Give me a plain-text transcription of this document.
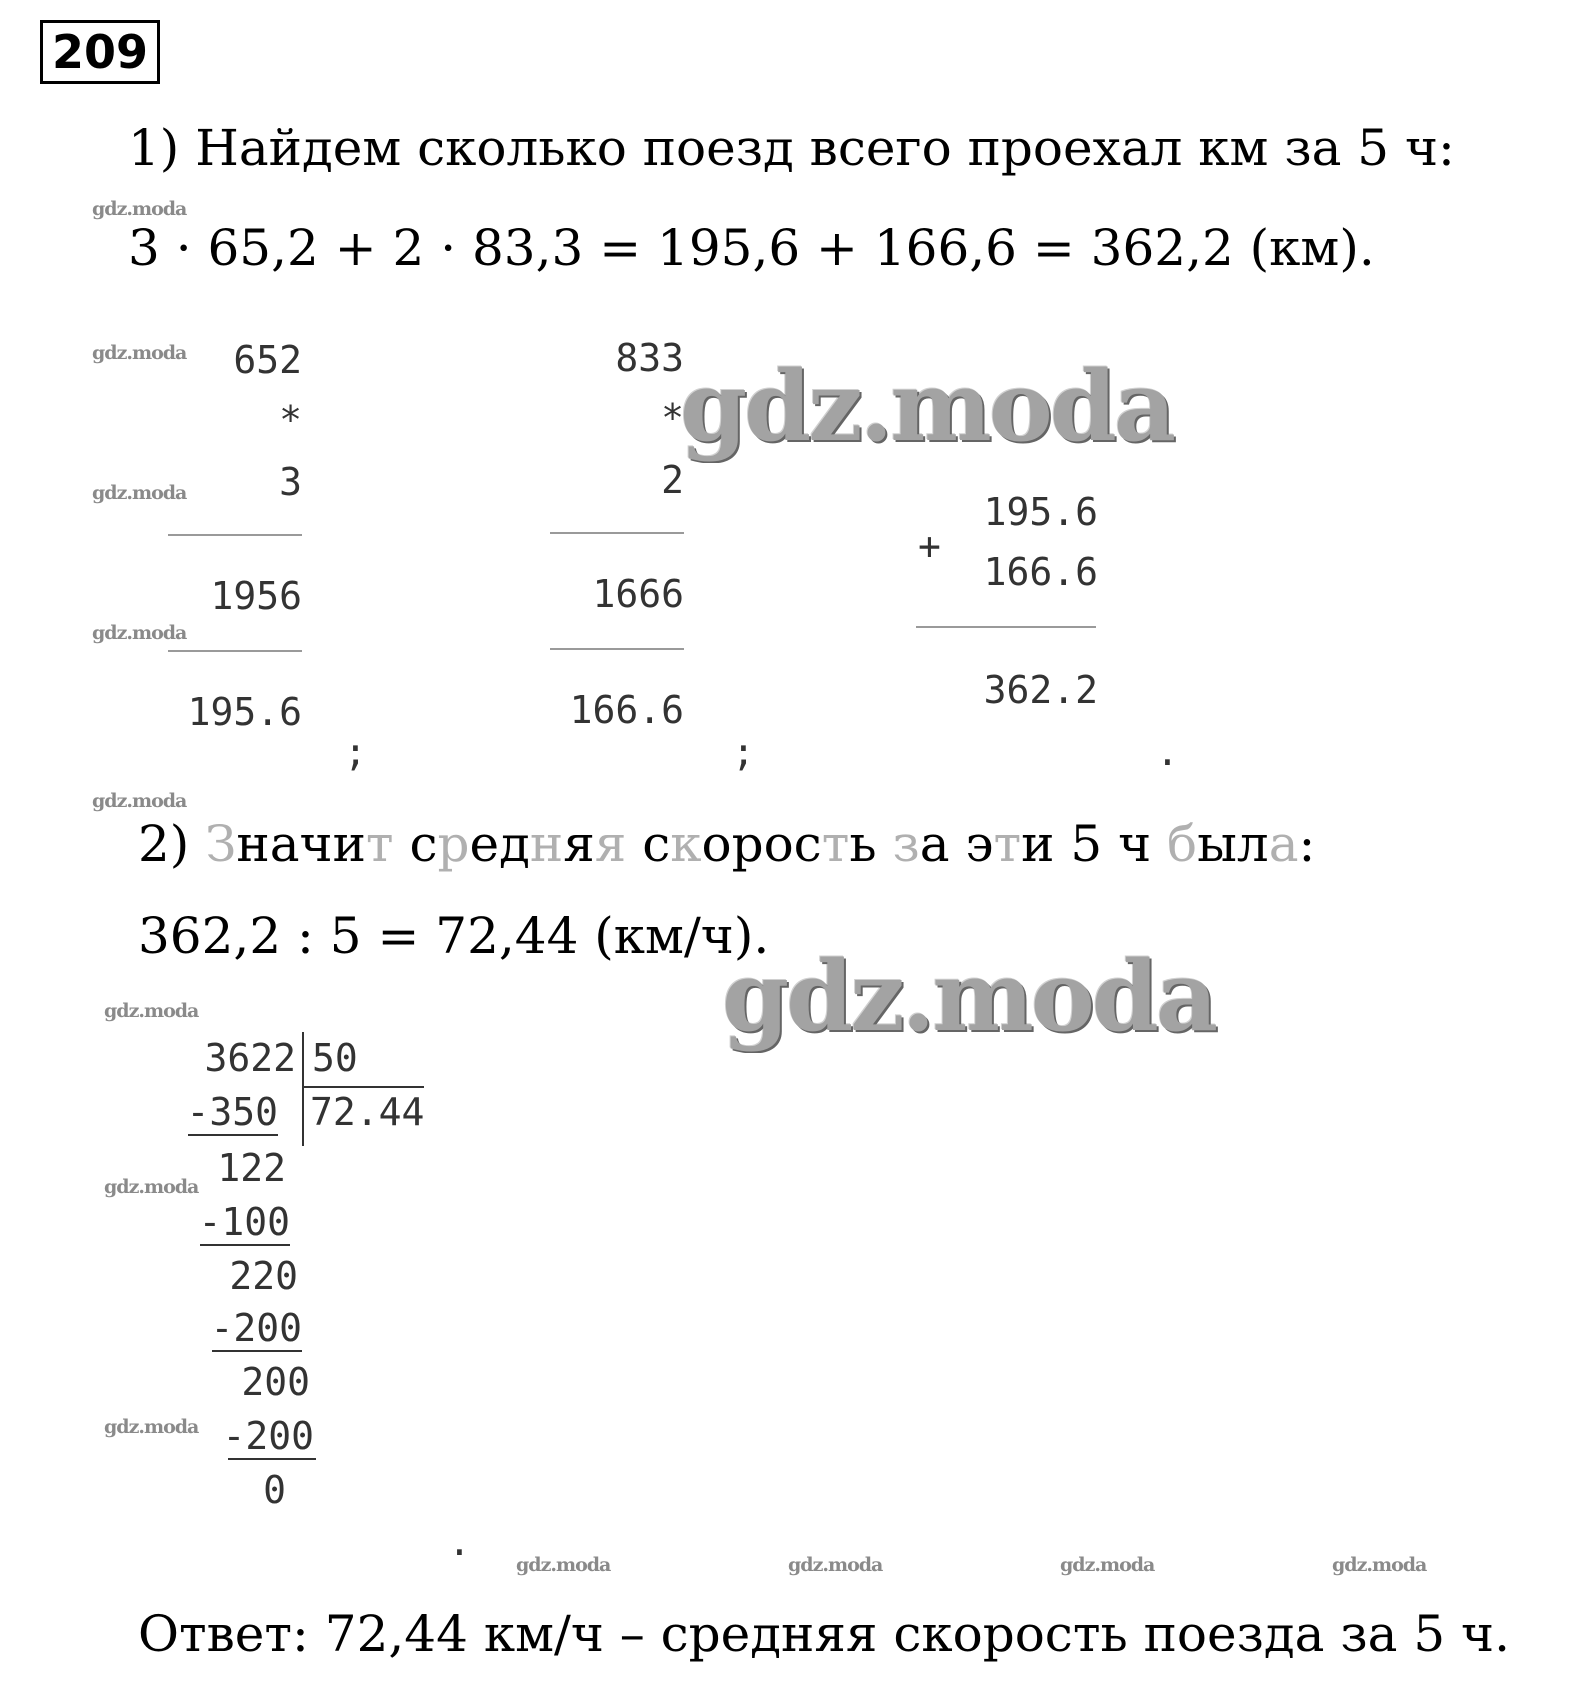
209
1) Найдем сколько поезд всего проехал км за 5 ч:
3 · 65,2 + 2 · 83,3 = 195,6 + 166,6 = 362,2 (км).
652
*
3
1956
195.6
;
833
*
2
1666
166.6
;
195.6
+
166.6
362.2
.
2) Значит средняя скорость за эти 5 ч была:
362,2 : 5 = 72,44 (км/ч).
3622 50
72.44
-350
122
-100
220
-200
200
-200
0
.
Ответ: 72,44 км/ч – средняя скорость поезда за 5 ч.
gdz.moda
gdz.moda
gdz.moda
gdz.moda
gdz.moda
gdz.moda
gdz.moda
gdz.moda
gdz.moda	gdz.moda	gdz.moda	gdz.moda
gdz.moda
gdz.moda
